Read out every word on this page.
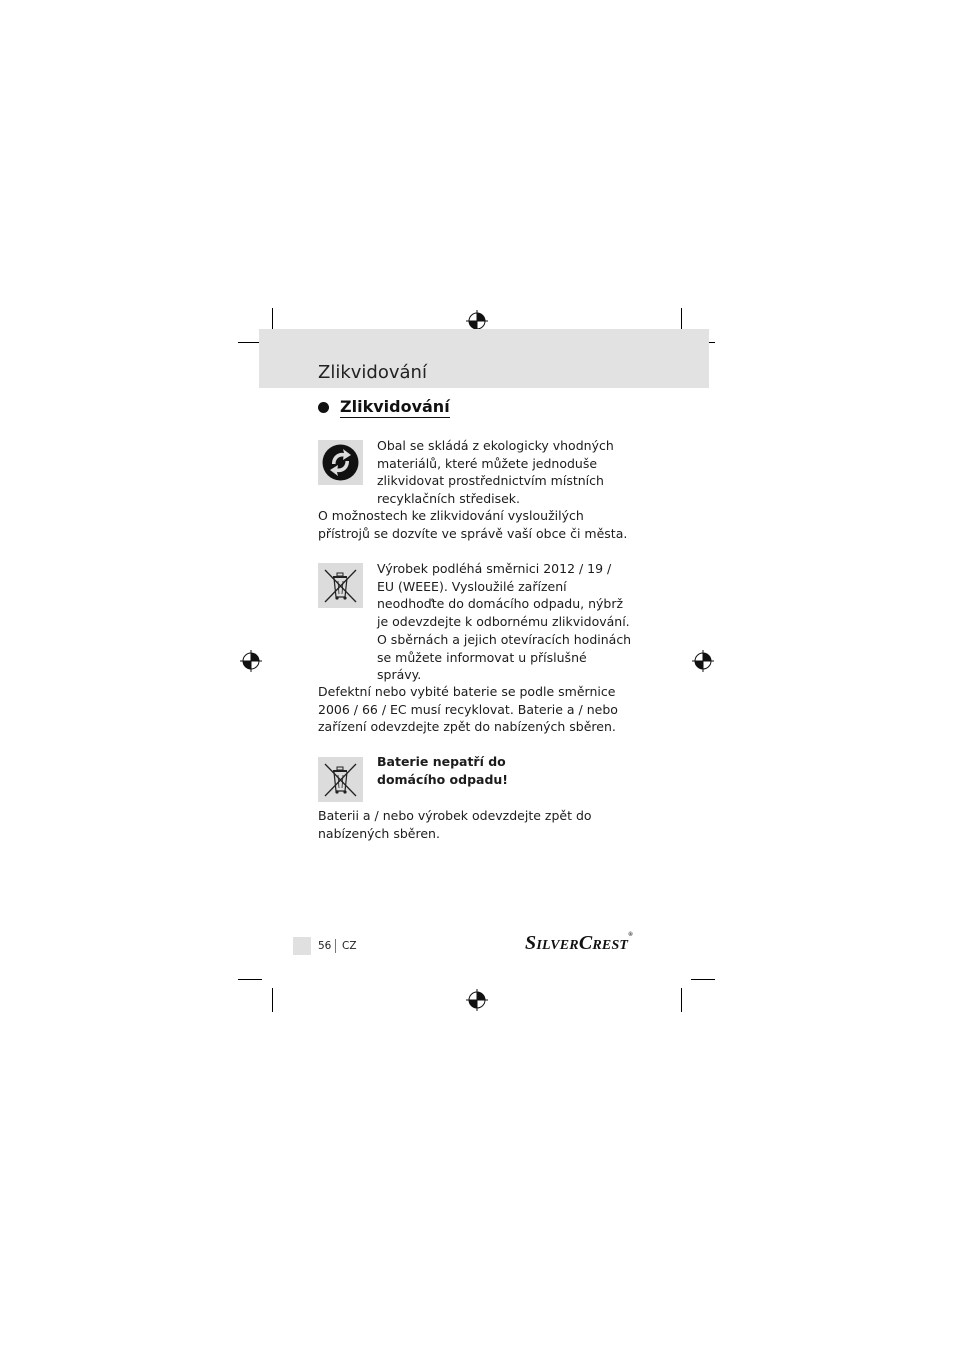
Zlikvidování
Zlikvidování
Obal se skládá z ekologicky vhodných materiálů, které můžete jednoduše zlikvidovat prostřednictvím místních recyklačních středisek.
O možnostech ke zlikvidování vysloužilých přístrojů se dozvíte ve správě vaší obce či města.
Výrobek podléhá směrnici 2012 / 19 / EU (WEEE). Vysloužilé zařízení neodhoďte do domácího odpadu, nýbrž je odevzdejte k odbornému zlikvidování. O sběrnách a jejich otevíracích hodinách se můžete informovat u příslušné správy.
Defektní nebo vybité baterie se podle směrnice 2006 / 66 / EC musí recyklovat. Baterie a / nebo zařízení odevzdejte zpět do nabízených sběren.
Baterie nepatří do domácího odpadu!
Baterii a / nebo výrobek odevzdejte zpět do nabízených sběren.
56 CZ	SILVERCREST®
